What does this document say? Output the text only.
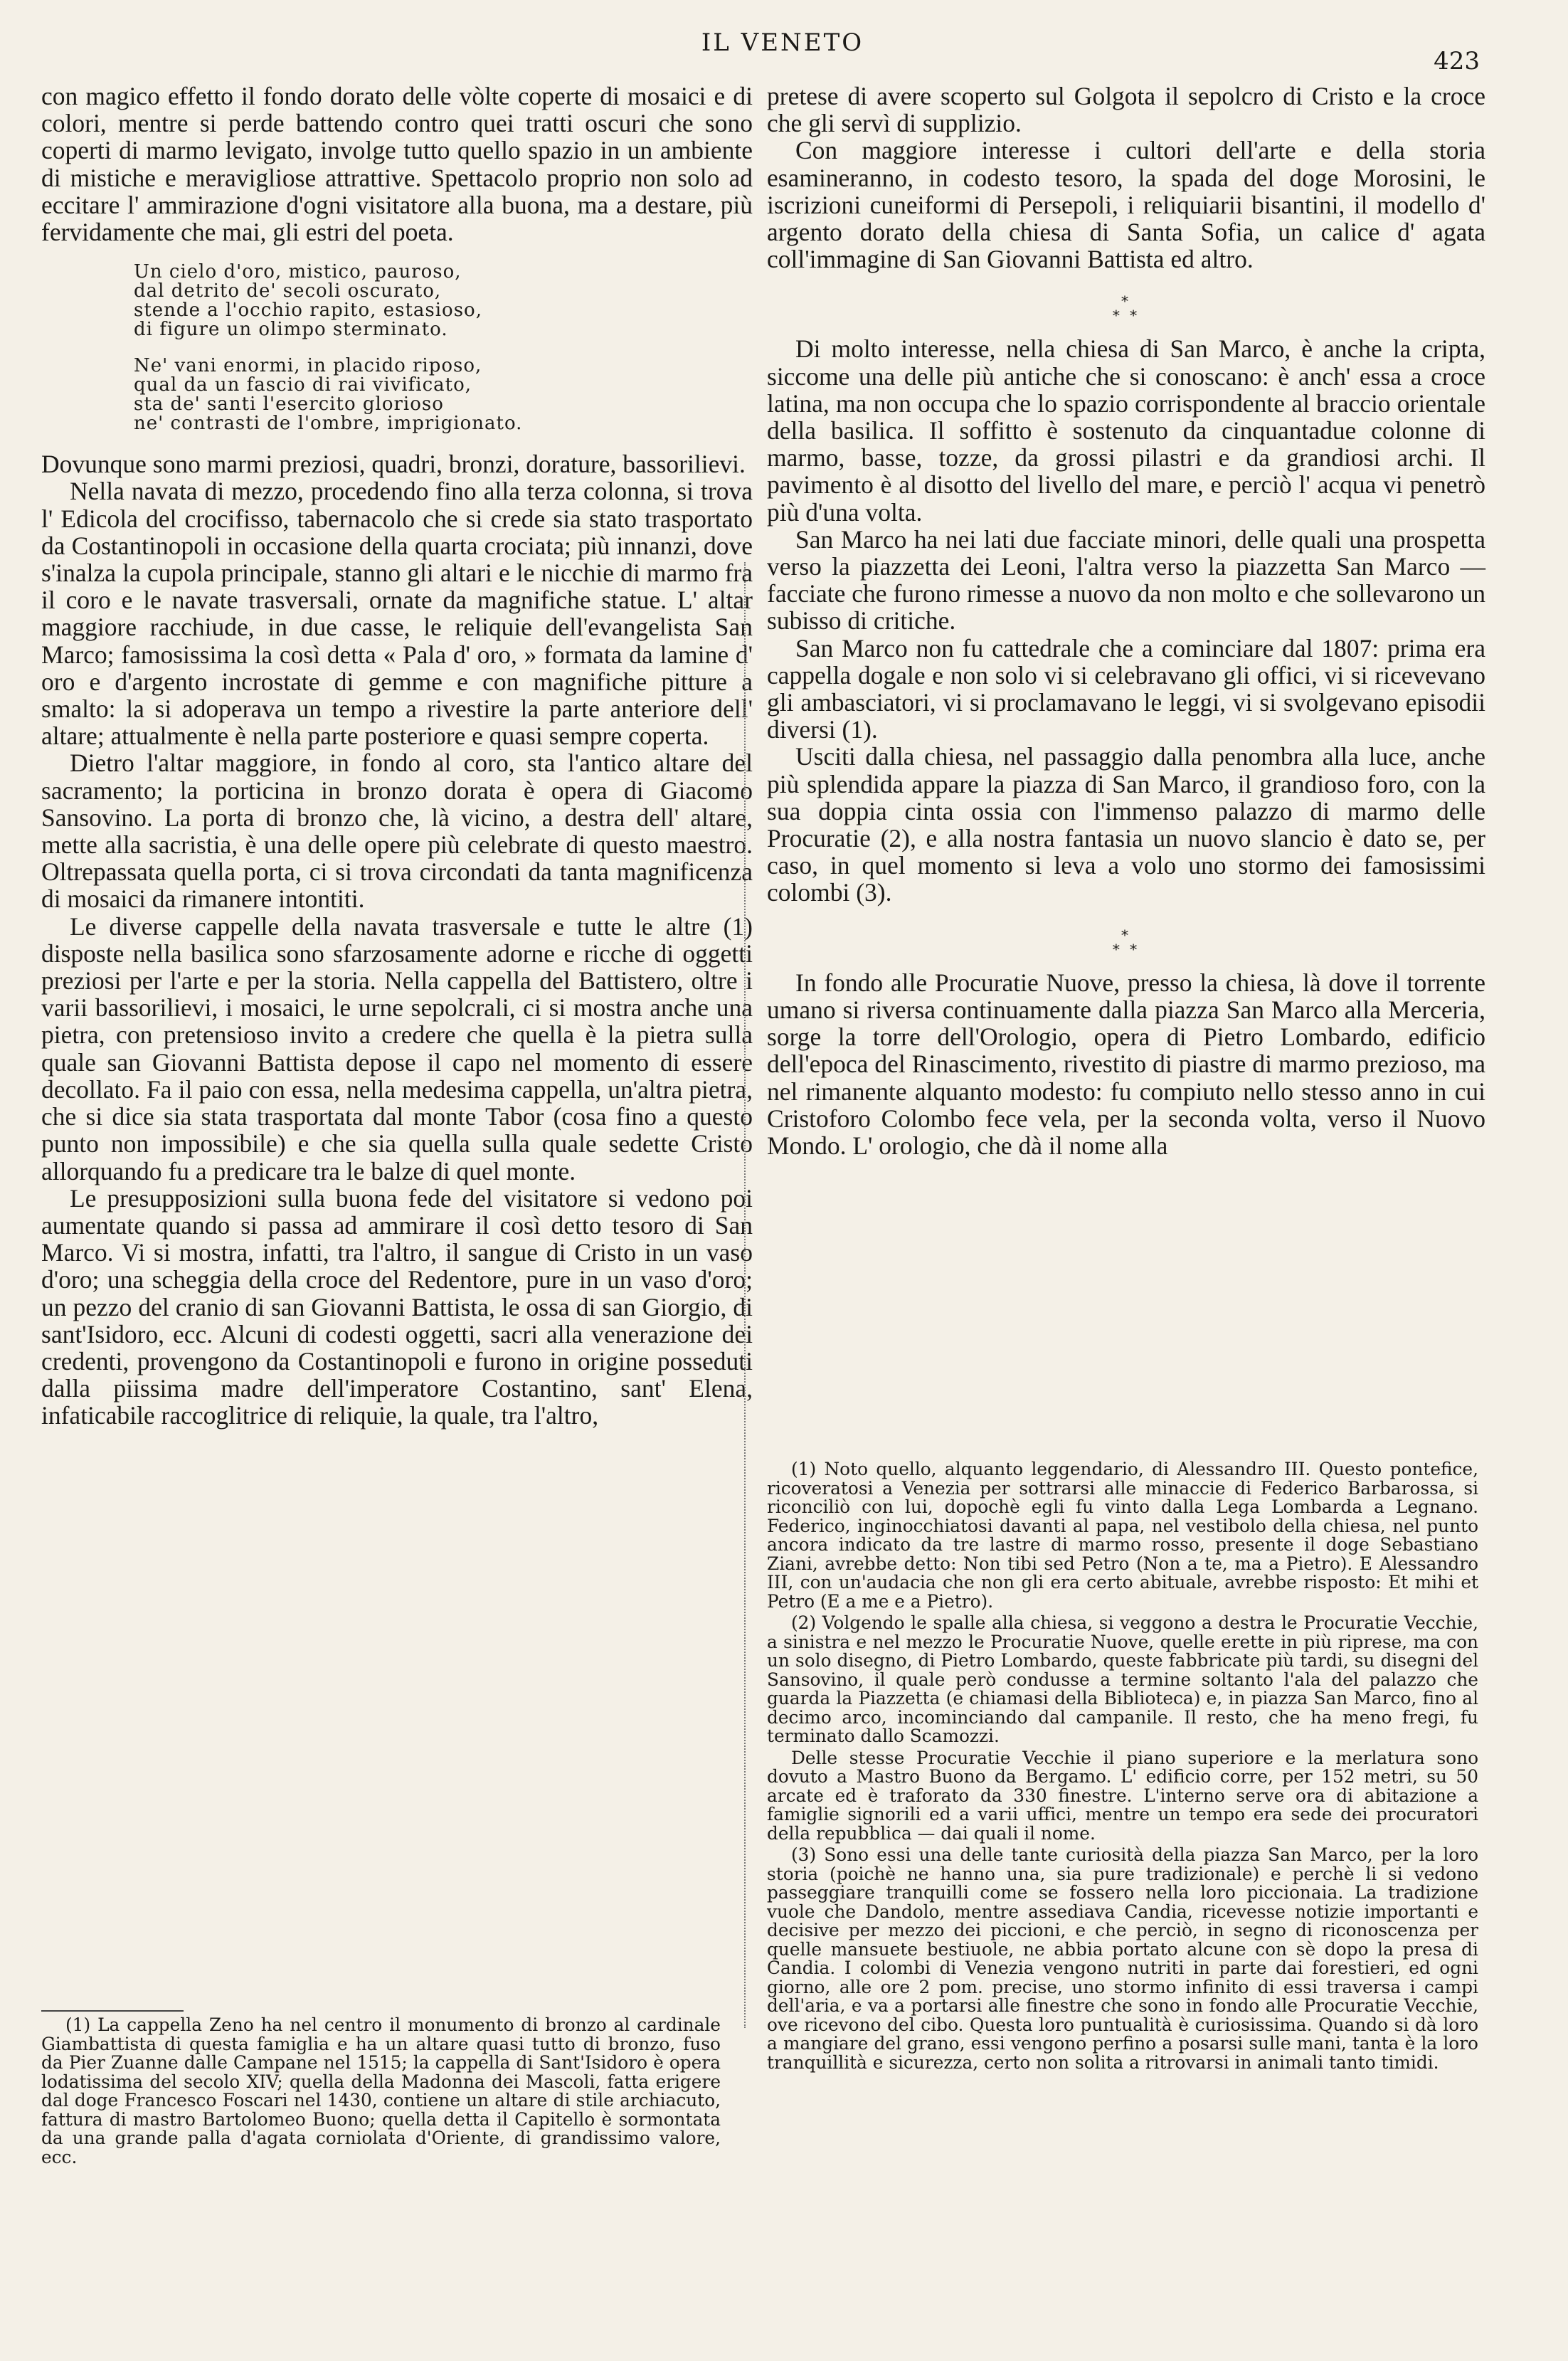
IL VENETO
423

con magico effetto il fondo dorato delle vòlte coperte di mosaici e di colori, mentre si perde battendo contro quei tratti oscuri che sono coperti di marmo levigato, involge tutto quello spazio in un ambiente di mistiche e meravigliose attrattive. Spettacolo proprio non solo ad eccitare l' ammirazione d'ogni visitatore alla buona, ma a destare, più fervidamente che mai, gli estri del poeta.

Un cielo d'oro, mistico, pauroso,
dal detrito de' secoli oscurato,
stende a l'occhio rapito, estasioso,
di figure un olimpo sterminato.
Ne' vani enormi, in placido riposo,
qual da un fascio di rai vivificato,
sta de' santi l'esercito glorioso
ne' contrasti de l'ombre, imprigionato.

Dovunque sono marmi preziosi, quadri, bronzi, dorature, bassorilievi.

Nella navata di mezzo, procedendo fino alla terza colonna, si trova l' Edicola del crocifisso, tabernacolo che si crede sia stato trasportato da Costantinopoli in occasione della quarta crociata; più innanzi, dove s'inalza la cupola principale, stanno gli altari e le nicchie di marmo fra il coro e le navate trasversali, ornate da magnifiche statue. L' altar maggiore racchiude, in due casse, le reliquie dell'evangelista San Marco; famosissima la così detta « Pala d' oro, » formata da lamine d' oro e d'argento incrostate di gemme e con magnifiche pitture a smalto: la si adoperava un tempo a rivestire la parte anteriore dell' altare; attualmente è nella parte posteriore e quasi sempre coperta.

Dietro l'altar maggiore, in fondo al coro, sta l'antico altare del sacramento; la porticina in bronzo dorata è opera di Giacomo Sansovino. La porta di bronzo che, là vicino, a destra dell' altare, mette alla sacristia, è una delle opere più celebrate di questo maestro. Oltrepassata quella porta, ci si trova circondati da tanta magnificenza di mosaici da rimanere intontiti.

Le diverse cappelle della navata trasversale e tutte le altre (1) disposte nella basilica sono sfarzosamente adorne e ricche di oggetti preziosi per l'arte e per la storia. Nella cappella del Battistero, oltre i varii bassorilievi, i mosaici, le urne sepolcrali, ci si mostra anche una pietra, con pretensioso invito a credere che quella è la pietra sulla quale san Giovanni Battista depose il capo nel momento di essere decollato. Fa il paio con essa, nella medesima cappella, un'altra pietra, che si dice sia stata trasportata dal monte Tabor (cosa fino a questo punto non impossibile) e che sia quella sulla quale sedette Cristo allorquando fu a predicare tra le balze di quel monte.

Le presupposizioni sulla buona fede del visitatore si vedono poi aumentate quando si passa ad ammirare il così detto tesoro di San Marco. Vi si mostra, infatti, tra l'altro, il sangue di Cristo in un vaso d'oro; una scheggia della croce del Redentore, pure in un vaso d'oro; un pezzo del cranio di san Giovanni Battista, le ossa di san Giorgio, di sant'Isidoro, ecc. Alcuni di codesti oggetti, sacri alla venerazione dei credenti, provengono da Costantinopoli e furono in origine posseduti dalla piissima madre dell'imperatore Costantino, sant' Elena, infaticabile raccoglitrice di reliquie, la quale, tra l'altro,

(1) La cappella Zeno ha nel centro il monumento di bronzo al cardinale Giambattista di questa famiglia e ha un altare quasi tutto di bronzo, fuso da Pier Zuanne dalle Campane nel 1515; la cappella di Sant'Isidoro è opera lodatissima del secolo XIV; quella della Madonna dei Mascoli, fatta erigere dal doge Francesco Foscari nel 1430, contiene un altare di stile archiacuto, fattura di mastro Bartolomeo Buono; quella detta il Capitello è sormontata da una grande palla d'agata corniolata d'Oriente, di grandissimo valore, ecc.

pretese di avere scoperto sul Golgota il sepolcro di Cristo e la croce che gli servì di supplizio.

Con maggiore interesse i cultori dell'arte e della storia esamineranno, in codesto tesoro, la spada del doge Morosini, le iscrizioni cuneiformi di Persepoli, i reliquiarii bisantini, il modello d' argento dorato della chiesa di Santa Sofia, un calice d' agata coll'immagine di San Giovanni Battista ed altro.

*
* *

Di molto interesse, nella chiesa di San Marco, è anche la cripta, siccome una delle più antiche che si conoscano: è anch' essa a croce latina, ma non occupa che lo spazio corrispondente al braccio orientale della basilica. Il soffitto è sostenuto da cinquantadue colonne di marmo, basse, tozze, da grossi pilastri e da grandiosi archi. Il pavimento è al disotto del livello del mare, e perciò l' acqua vi penetrò più d'una volta.

San Marco ha nei lati due facciate minori, delle quali una prospetta verso la piazzetta dei Leoni, l'altra verso la piazzetta San Marco — facciate che furono rimesse a nuovo da non molto e che sollevarono un subisso di critiche.

San Marco non fu cattedrale che a cominciare dal 1807: prima era cappella dogale e non solo vi si celebravano gli offici, vi si ricevevano gli ambasciatori, vi si proclamavano le leggi, vi si svolgevano episodii diversi (1).

Usciti dalla chiesa, nel passaggio dalla penombra alla luce, anche più splendida appare la piazza di San Marco, il grandioso foro, con la sua doppia cinta ossia con l'immenso palazzo di marmo delle Procuratie (2), e alla nostra fantasia un nuovo slancio è dato se, per caso, in quel momento si leva a volo uno stormo dei famosissimi colombi (3).

*
* *

In fondo alle Procuratie Nuove, presso la chiesa, là dove il torrente umano si riversa continuamente dalla piazza San Marco alla Merceria, sorge la torre dell'Orologio, opera di Pietro Lombardo, edificio dell'epoca del Rinascimento, rivestito di piastre di marmo prezioso, ma nel rimanente alquanto modesto: fu compiuto nello stesso anno in cui Cristoforo Colombo fece vela, per la seconda volta, verso il Nuovo Mondo. L' orologio, che dà il nome alla

(1) Noto quello, alquanto leggendario, di Alessandro III. Questo pontefice, ricoveratosi a Venezia per sottrarsi alle minaccie di Federico Barbarossa, si riconciliò con lui, dopochè egli fu vinto dalla Lega Lombarda a Legnano. Federico, inginocchiatosi davanti al papa, nel vestibolo della chiesa, nel punto ancora indicato da tre lastre di marmo rosso, presente il doge Sebastiano Ziani, avrebbe detto: Non tibi sed Petro (Non a te, ma a Pietro). E Alessandro III, con un'audacia che non gli era certo abituale, avrebbe risposto: Et mihi et Petro (E a me e a Pietro).

(2) Volgendo le spalle alla chiesa, si veggono a destra le Procuratie Vecchie, a sinistra e nel mezzo le Procuratie Nuove, quelle erette in più riprese, ma con un solo disegno, di Pietro Lombardo, queste fabbricate più tardi, su disegni del Sansovino, il quale però condusse a termine soltanto l'ala del palazzo che guarda la Piazzetta (e chiamasi della Biblioteca) e, in piazza San Marco, fino al decimo arco, incominciando dal campanile. Il resto, che ha meno fregi, fu terminato dallo Scamozzi.

Delle stesse Procuratie Vecchie il piano superiore e la merlatura sono dovuto a Mastro Buono da Bergamo. L' edificio corre, per 152 metri, su 50 arcate ed è traforato da 330 finestre. L'interno serve ora di abitazione a famiglie signorili ed a varii uffici, mentre un tempo era sede dei procuratori della repubblica — dai quali il nome.

(3) Sono essi una delle tante curiosità della piazza San Marco, per la loro storia (poichè ne hanno una, sia pure tradizionale) e perchè li si vedono passeggiare tranquilli come se fossero nella loro piccionaia. La tradizione vuole che Dandolo, mentre assediava Candia, ricevesse notizie importanti e decisive per mezzo dei piccioni, e che perciò, in segno di riconoscenza per quelle mansuete bestiuole, ne abbia portato alcune con sè dopo la presa di Candia. I colombi di Venezia vengono nutriti in parte dai forestieri, ed ogni giorno, alle ore 2 pom. precise, uno stormo infinito di essi traversa i campi dell'aria, e va a portarsi alle finestre che sono in fondo alle Procuratie Vecchie, ove ricevono del cibo. Questa loro puntualità è curiosissima. Quando si dà loro a mangiare del grano, essi vengono perfino a posarsi sulle mani, tanta è la loro tranquillità e sicurezza, certo non solita a ritrovarsi in animali tanto timidi.
